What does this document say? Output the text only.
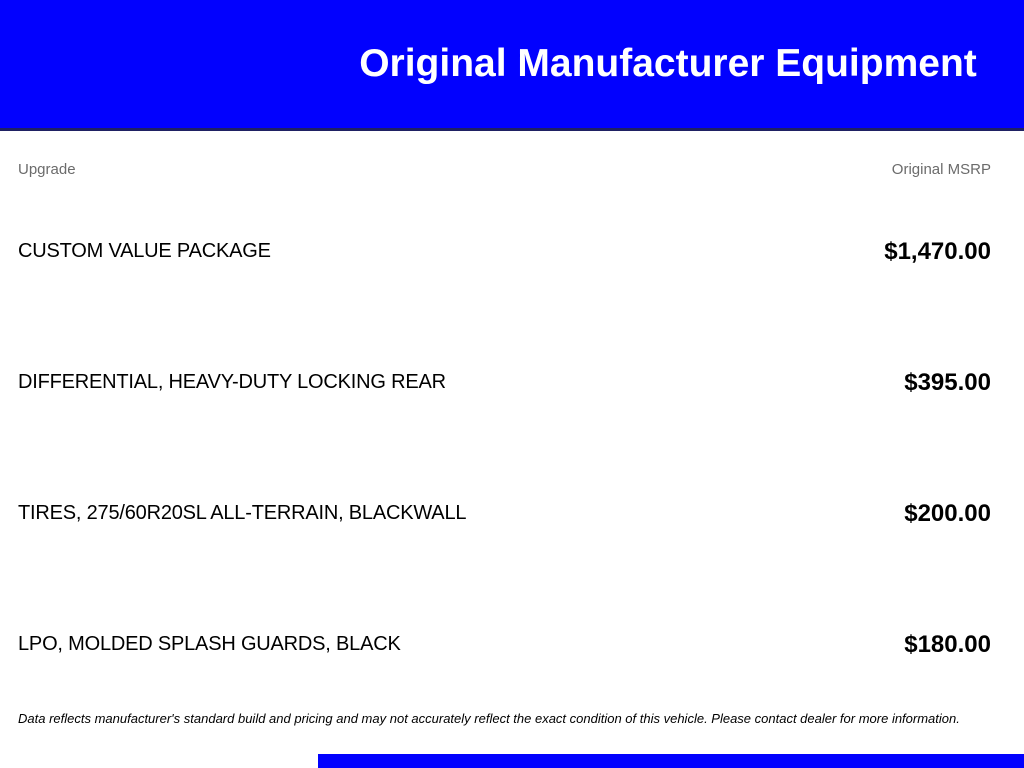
Original Manufacturer Equipment
Upgrade	Original MSRP
CUSTOM VALUE PACKAGE	$1,470.00
DIFFERENTIAL, HEAVY-DUTY LOCKING REAR	$395.00
TIRES, 275/60R20SL ALL-TERRAIN, BLACKWALL	$200.00
LPO, MOLDED SPLASH GUARDS, BLACK	$180.00

Data reflects manufacturer's standard build and pricing and may not accurately reflect the exact condition of this vehicle. Please contact dealer for more information.
